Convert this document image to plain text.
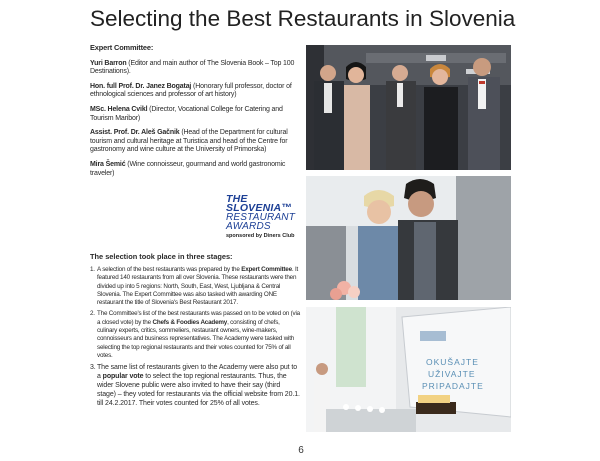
Selecting the Best Restaurants in Slovenia

Expert Committee:

Yuri Barron (Editor and main author of The Slovenia Book – Top 100 Destinations).

Hon. full Prof. Dr. Janez Bogataj (Honorary full professor, doctor of ethnological sciences and professor of art history)

MSc. Helena Cvikl (Director, Vocational College for Catering and Tourism Maribor)

Assist. Prof. Dr. Aleš Gačnik (Head of the Department for cultural tourism and cultural heritage at Turistica and head of the Centre for gastronomy and wine culture at the University of Primorska)

Mira Šemić (Wine connoisseur, gourmand and world gastronomic traveler)

THE
SLOVENIA™
RESTAURANT
AWARDS
sponsored by Diners Club
The selection took place in three stages:
1. A selection of the best restaurants was prepared by the Expert Committee. It featured 140 restaurants from all over Slovenia. These restaurants were then divided up into 5 regions: North, South, East, West, Ljubljana & Central Slovenia. The Expert Committee was also tasked with awarding ONE restaurant the title of Slovenia's Best Restaurant 2017.
2. The Committee's list of the best restaurants was passed on to be voted on (via a closed vote) by the Chefs & Foodies Academy, consisting of chefs, culinary experts, critics, sommeliers, restaurant owners, wine-makers, connoisseurs and business representatives. The Academy were tasked with selecting the top regional restaurants and their votes counted for 75% of all votes.
3. The same list of restaurants given to the Academy were also put to a popular vote to select the top regional restaurants. Thus, the wider Slovene public were also invited to have their say (third stage) – they voted for restaurants via the official website from 20.1. till 24.2.2017. Their votes counted for 25% of all votes.
OKUŠAJTE
UŽIVAJTE
PRIPADAJTE
6
